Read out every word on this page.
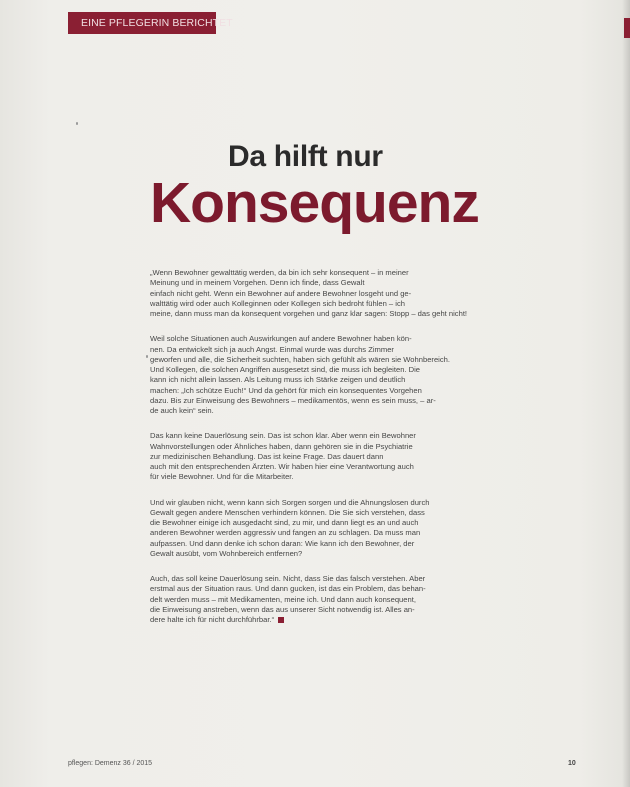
EINE PFLEGERIN BERICHTET
Da hilft nur
Konsequenz
„Wenn Bewohner gewalttätig werden, da bin ich sehr konsequent – in meiner
Meinung und in meinem Vorgehen. Denn ich finde, dass Gewalt
einfach nicht geht. Wenn ein Bewohner auf andere Bewohner losgeht und ge-
walttätig wird oder auch Kolleginnen oder Kollegen sich bedroht fühlen – ich
meine, dann muss man da konsequent vorgehen und ganz klar sagen: Stopp – das geht nicht!
Weil solche Situationen auch Auswirkungen auf andere Bewohner haben kön-
nen. Da entwickelt sich ja auch Angst. Einmal wurde was durchs Zimmer
geworfen und alle, die Sicherheit suchten, haben sich gefühlt als wären sie Wohnbereich.
Und Kollegen, die solchen Angriffen ausgesetzt sind, die muss ich begleiten. Die
kann ich nicht allein lassen. Als Leitung muss ich Stärke zeigen und deutlich
machen: „Ich schütze Euch!“ Und da gehört für mich ein konsequentes Vorgehen
dazu. Bis zur Einweisung des Bewohners – medikamentös, wenn es sein muss, – ar-
de auch kein“ sein.
Das kann keine Dauerlösung sein. Das ist schon klar. Aber wenn ein Bewohner
Wahnvorstellungen oder Ähnliches haben, dann gehören sie in die Psychiatrie
zur medizinischen Behandlung. Das ist keine Frage. Das dauert dann
auch mit den entsprechenden Ärzten. Wir haben hier eine Verantwortung auch
für viele Bewohner. Und für die Mitarbeiter.
Und wir glauben nicht, wenn kann sich Sorgen sorgen und die Ahnungslosen durch
Gewalt gegen andere Menschen verhindern können. Die Sie sich verstehen, dass
die Bewohner einige ich ausgedacht sind, zu mir, und dann liegt es an und auch
anderen Bewohner werden aggressiv und fangen an zu schlagen. Da muss man
aufpassen. Und dann denke ich schon daran: Wie kann ich den Bewohner, der
Gewalt ausübt, vom Wohnbereich entfernen?
Auch, das soll keine Dauerlösung sein. Nicht, dass Sie das falsch verstehen. Aber
erstmal aus der Situation raus. Und dann gucken, ist das ein Problem, das behan-
delt werden muss – mit Medikamenten, meine ich. Und dann auch konsequent,
die Einweisung anstreben, wenn das aus unserer Sicht notwendig ist. Alles an-
dere halte ich für nicht durchführbar.“
pflegen: Demenz 36 / 2015	10
